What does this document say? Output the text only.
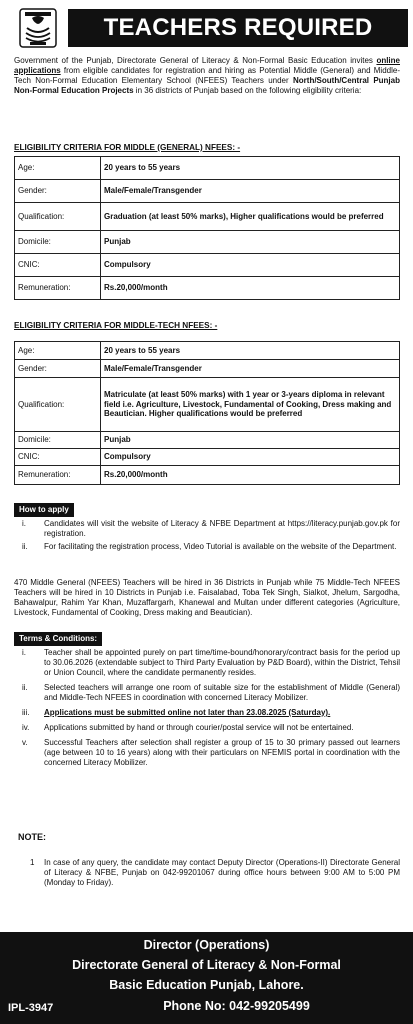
TEACHERS REQUIRED
Government of the Punjab, Directorate General of Literacy & Non-Formal Basic Education invites online applications from eligible candidates for registration and hiring as Potential Middle (General) and Middle-Tech Non-Formal Education Elementary School (NFEES) Teachers under North/South/Central Punjab Non-Formal Education Projects in 36 districts of Punjab based on the following eligibility criteria:
ELIGIBILITY CRITERIA FOR MIDDLE (GENERAL) NFEES: -
Age:	20 years to 55 years
Gender:	Male/Female/Transgender
Qualification:	Graduation (at least 50% marks), Higher qualifications would be preferred
Domicile:	Punjab
CNIC:	Compulsory
Remuneration:	Rs.20,000/month
ELIGIBILITY CRITERIA FOR MIDDLE-TECH NFEES: -
Age:	20 years to 55 years
Gender:	Male/Female/Transgender
Qualification:	Matriculate (at least 50% marks) with 1 year or 3-years diploma in relevant field i.e. Agriculture, Livestock, Fundamental of Cooking, Dress making and Beautician. Higher qualifications would be preferred
Domicile:	Punjab
CNIC:	Compulsory
Remuneration:	Rs.20,000/month
How to apply
i.	Candidates will visit the website of Literacy & NFBE Department at https://literacy.punjab.gov.pk for registration.
ii.	For facilitating the registration process, Video Tutorial is available on the website of the Department.
470 Middle General (NFEES) Teachers will be hired in 36 Districts in Punjab while 75 Middle-Tech NFEES Teachers will be hired in 10 Districts in Punjab i.e. Faisalabad, Toba Tek Singh, Sialkot, Jhelum, Sargodha, Bahawalpur, Rahim Yar Khan, Muzaffargarh, Khanewal and Multan under different categories (Agriculture, Livestock, Fundamental of Cooking, Dress making and Beautician).
Terms & Conditions:
i.	Teacher shall be appointed purely on part time/time-bound/honorary/contract basis for the period up to 30.06.2026 (extendable subject to Third Party Evaluation by P&D Board), within the District, Tehsil or Union Council, where the candidate permanently resides.
ii.	Selected teachers will arrange one room of suitable size for the establishment of Middle (General) and Middle-Tech NFEES in coordination with concerned Literacy Mobilizer.
iii.	Applications must be submitted online not later than 23.08.2025 (Saturday).
iv.	Applications submitted by hand or through courier/postal service will not be entertained.
v.	Successful Teachers after selection shall register a group of 15 to 30 primary passed out learners (age between 10 to 16 years) along with their particulars on NFEMIS portal in coordination with the concerned Literacy Mobilizer.
NOTE:
1	In case of any query, the candidate may contact Deputy Director (Operations-II) Directorate General of Literacy & NFBE, Punjab on 042-99201067 during office hours between 9:00 AM to 5:00 PM (Monday to Friday).
Director (Operations)
Directorate General of Literacy & Non-Formal
Basic Education Punjab, Lahore.
Phone No: 042-99205499
IPL-3947
